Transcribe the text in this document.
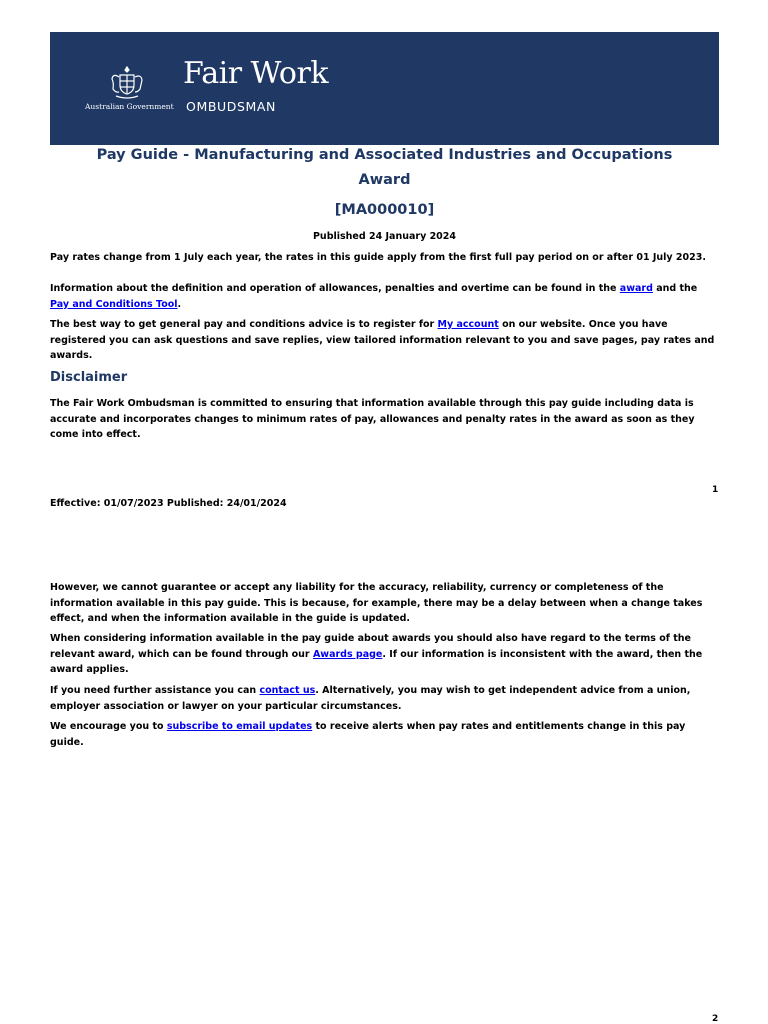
Australian Government
Fair Work
OMBUDSMAN
Pay Guide - Manufacturing and Associated Industries and Occupations
Award
[MA000010]
Published 24 January 2024

Pay rates change from 1 July each year, the rates in this guide apply from the first full pay period on or after 01 July 2023.

Information about the definition and operation of allowances, penalties and overtime can be found in the award and the
Pay and Conditions Tool.

The best way to get general pay and conditions advice is to register for My account on our website. Once you have registered you can ask questions and save replies, view tailored information relevant to you and save pages, pay rates and awards.

Disclaimer

The Fair Work Ombudsman is committed to ensuring that information available through this pay guide including data is accurate and incorporates changes to minimum rates of pay, allowances and penalty rates in the award as soon as they come into effect.

1
Effective: 01/07/2023 Published: 24/01/2024

However, we cannot guarantee or accept any liability for the accuracy, reliability, currency or completeness of the information available in this pay guide. This is because, for example, there may be a delay between when a change takes effect, and when the information available in the guide is updated.

When considering information available in the pay guide about awards you should also have regard to the terms of the relevant award, which can be found through our Awards page. If our information is inconsistent with the award, then the award applies.

If you need further assistance you can contact us. Alternatively, you may wish to get independent advice from a union, employer association or lawyer on your particular circumstances.

We encourage you to subscribe to email updates to receive alerts when pay rates and entitlements change in this pay guide.

2
